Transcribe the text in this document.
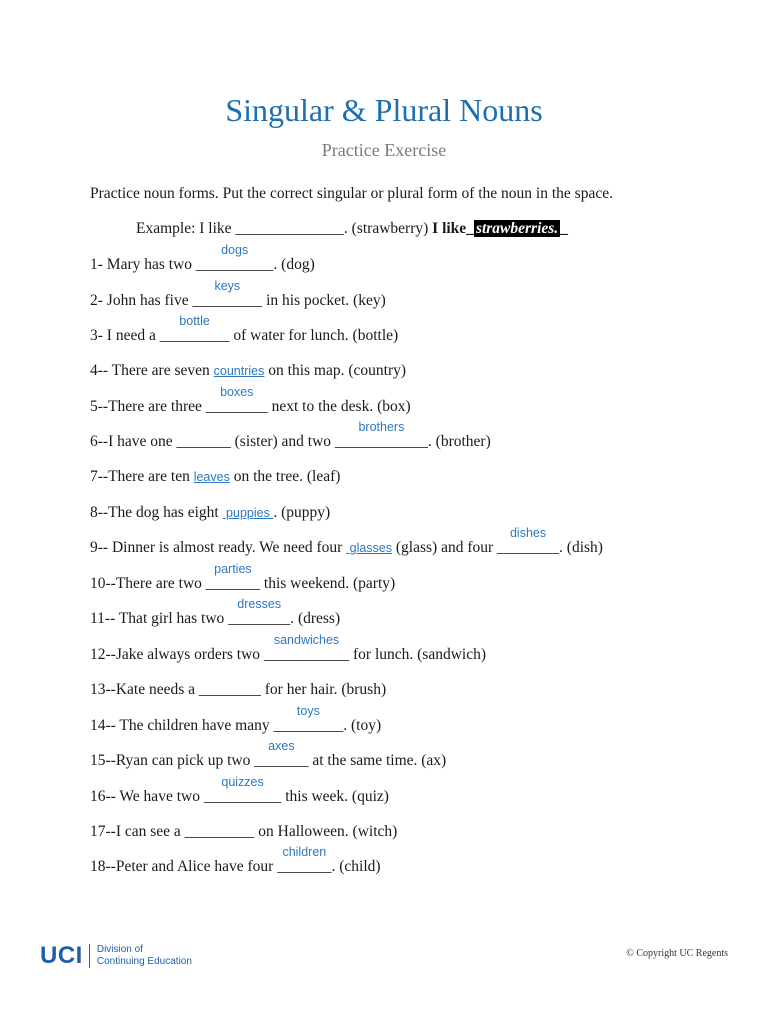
Singular & Plural Nouns
Practice Exercise
Practice noun forms. Put the correct singular or plural form of the noun in the space.
Example: I like ______________. (strawberry) I like_ strawberries. _
1- Mary has two
dogs
__________. (dog)
2- John has five
keys
_________ in his pocket. (key)
3- I need a
bottle
_________ of water for lunch. (bottle)
4-- There are seven countries on this map. (country)
5--There are three
boxes
________ next to the desk. (box)
6--I have one _______ (sister) and two
brothers
____________. (brother)
7--There are ten leaves on the tree. (leaf)
8--The dog has eight  puppies . (puppy)
9-- Dinner is almost ready. We need four  glasses (glass) and four
dishes
________. (dish)
10--There are two
parties
_______ this weekend. (party)
11-- That girl has two
dresses
________. (dress)
12--Jake always orders two
sandwiches
___________ for lunch. (sandwich)
13--Kate needs a ________ for her hair. (brush)
14-- The children have many
toys
_________. (toy)
15--Ryan can pick up two
axes
_______ at the same time. (ax)
16-- We have two
quizzes
__________ this week. (quiz)
17--I can see a _________ on Halloween. (witch)
18--Peter and Alice have four
children
_______. (child)
UCI Division of
Continuing Education
© Copyright UC Regents
